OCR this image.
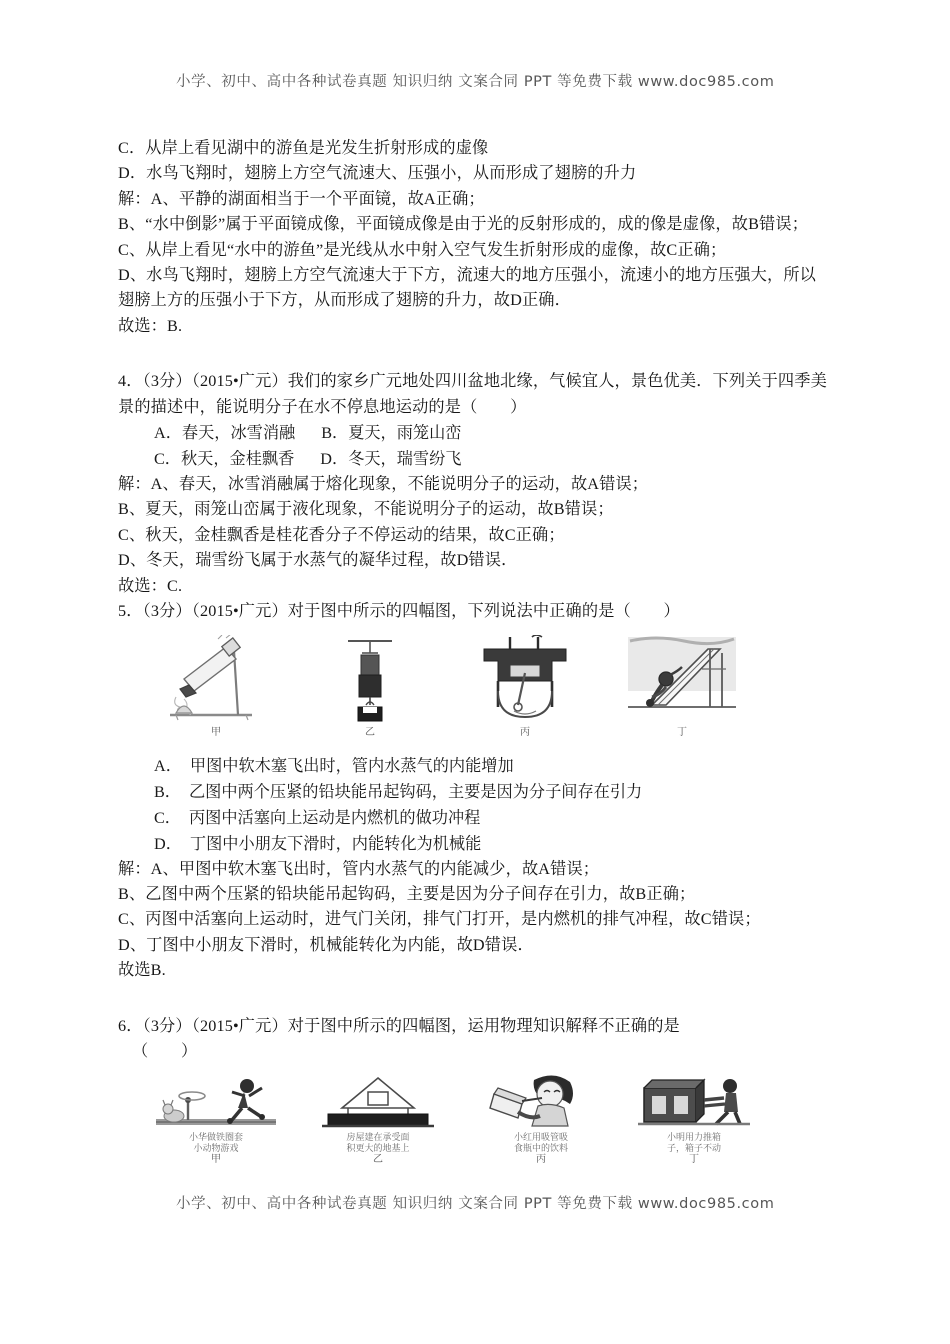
小学、初中、高中各种试卷真题 知识归纳 文案合同 PPT 等免费下载 www.doc985.com
C．从岸上看见湖中的游鱼是光发生折射形成的虚像
D．水鸟飞翔时，翅膀上方空气流速大、压强小，从而形成了翅膀的升力
解：A、平静的湖面相当于一个平面镜，故A正确；
B、“水中倒影”属于平面镜成像，平面镜成像是由于光的反射形成的，成的像是虚像，故B错误；
C、从岸上看见“水中的游鱼”是光线从水中射入空气发生折射形成的虚像，故C正确；
D、水鸟飞翔时，翅膀上方空气流速大于下方，流速大的地方压强小，流速小的地方压强大，所以翅膀上方的压强小于下方，从而形成了翅膀的升力，故D正确．
故选：B.
4．（3分）（2015•广元）我们的家乡广元地处四川盆地北缘，气候宜人，景色优美．下列关于四季美景的描述中，能说明分子在水不停息地运动的是（　　）
A．春天，冰雪消融 B．夏天，雨笼山峦
C．秋天，金桂飘香 D．冬天，瑞雪纷飞
解：A、春天，冰雪消融属于熔化现象，不能说明分子的运动，故A错误；
B、夏天，雨笼山峦属于液化现象，不能说明分子的运动，故B错误；
C、秋天，金桂飘香是桂花香分子不停运动的结果，故C正确；
D、冬天，瑞雪纷飞属于水蒸气的凝华过程，故D错误．
故选：C.
5．（3分）（2015•广元）对于图中所示的四幅图，下列说法中正确的是（　　）
甲	乙	丙	丁
A． 甲图中软木塞飞出时，管内水蒸气的内能增加
B． 乙图中两个压紧的铅块能吊起钩码，主要是因为分子间存在引力
C． 丙图中活塞向上运动是内燃机的做功冲程
D． 丁图中小朋友下滑时，内能转化为机械能
解：A、甲图中软木塞飞出时，管内水蒸气的内能减少，故A错误；
B、乙图中两个压紧的铅块能吊起钩码，主要是因为分子间存在引力，故B正确；
C、丙图中活塞向上运动时，进气门关闭，排气门打开，是内燃机的排气冲程，故C错误；
D、丁图中小朋友下滑时，机械能转化为内能，故D错误．
故选B.
6．（3分）（2015•广元）对于图中所示的四幅图，运用物理知识解释不正确的是
（　　）
小华做铁圈套
小动物游戏
甲
房屋建在承受面
积更大的地基上
乙
小红用吸管吸
食瓶中的饮料
丙
小明用力推箱
子，箱子不动
丁
小学、初中、高中各种试卷真题 知识归纳 文案合同 PPT 等免费下载 www.doc985.com
